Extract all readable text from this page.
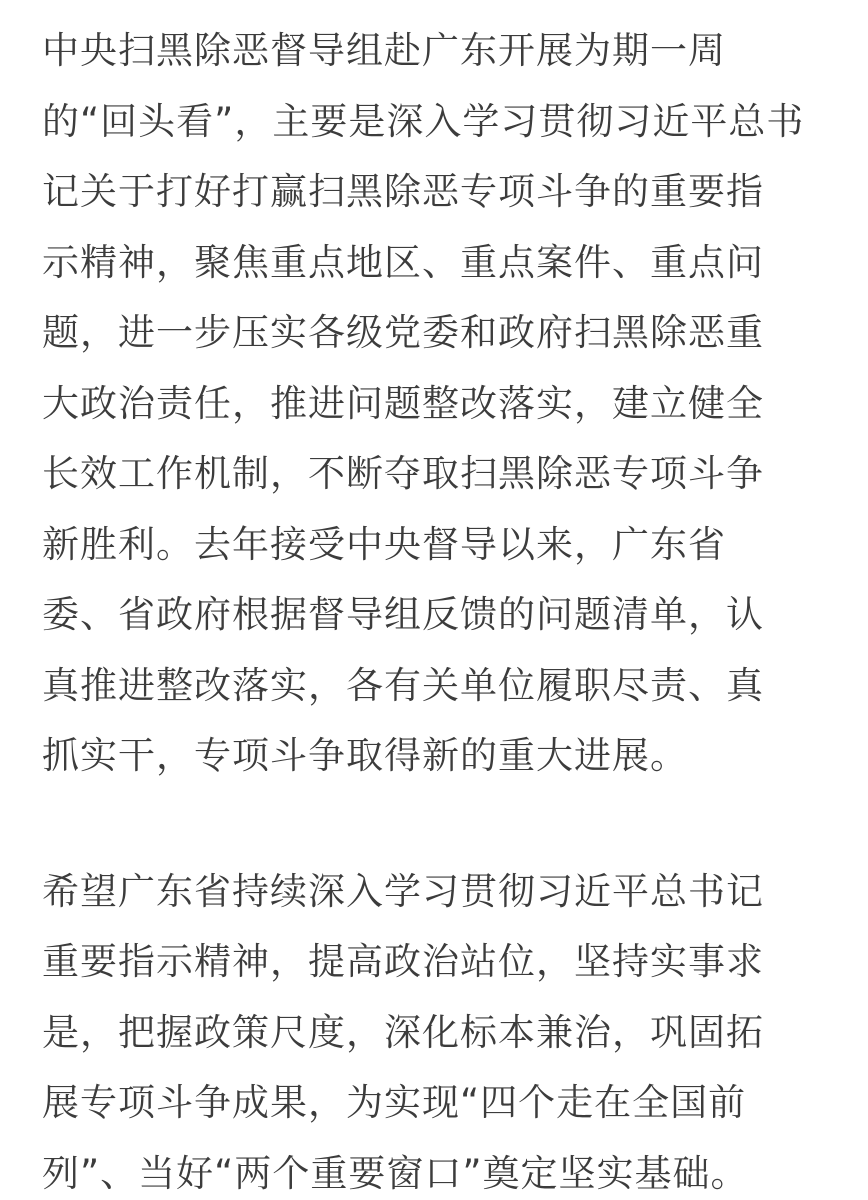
中央扫黑除恶督导组赴广东开展为期一周
的“回头看”，主要是深入学习贯彻习近平总书
记关于打好打赢扫黑除恶专项斗争的重要指
示精神，聚焦重点地区、重点案件、重点问
题，进一步压实各级党委和政府扫黑除恶重
大政治责任，推进问题整改落实，建立健全
长效工作机制，不断夺取扫黑除恶专项斗争
新胜利。去年接受中央督导以来，广东省
委、省政府根据督导组反馈的问题清单，认
真推进整改落实，各有关单位履职尽责、真
抓实干，专项斗争取得新的重大进展。
希望广东省持续深入学习贯彻习近平总书记
重要指示精神，提高政治站位，坚持实事求
是，把握政策尺度，深化标本兼治，巩固拓
展专项斗争成果，为实现“四个走在全国前
列”、当好“两个重要窗口”奠定坚实基础。
